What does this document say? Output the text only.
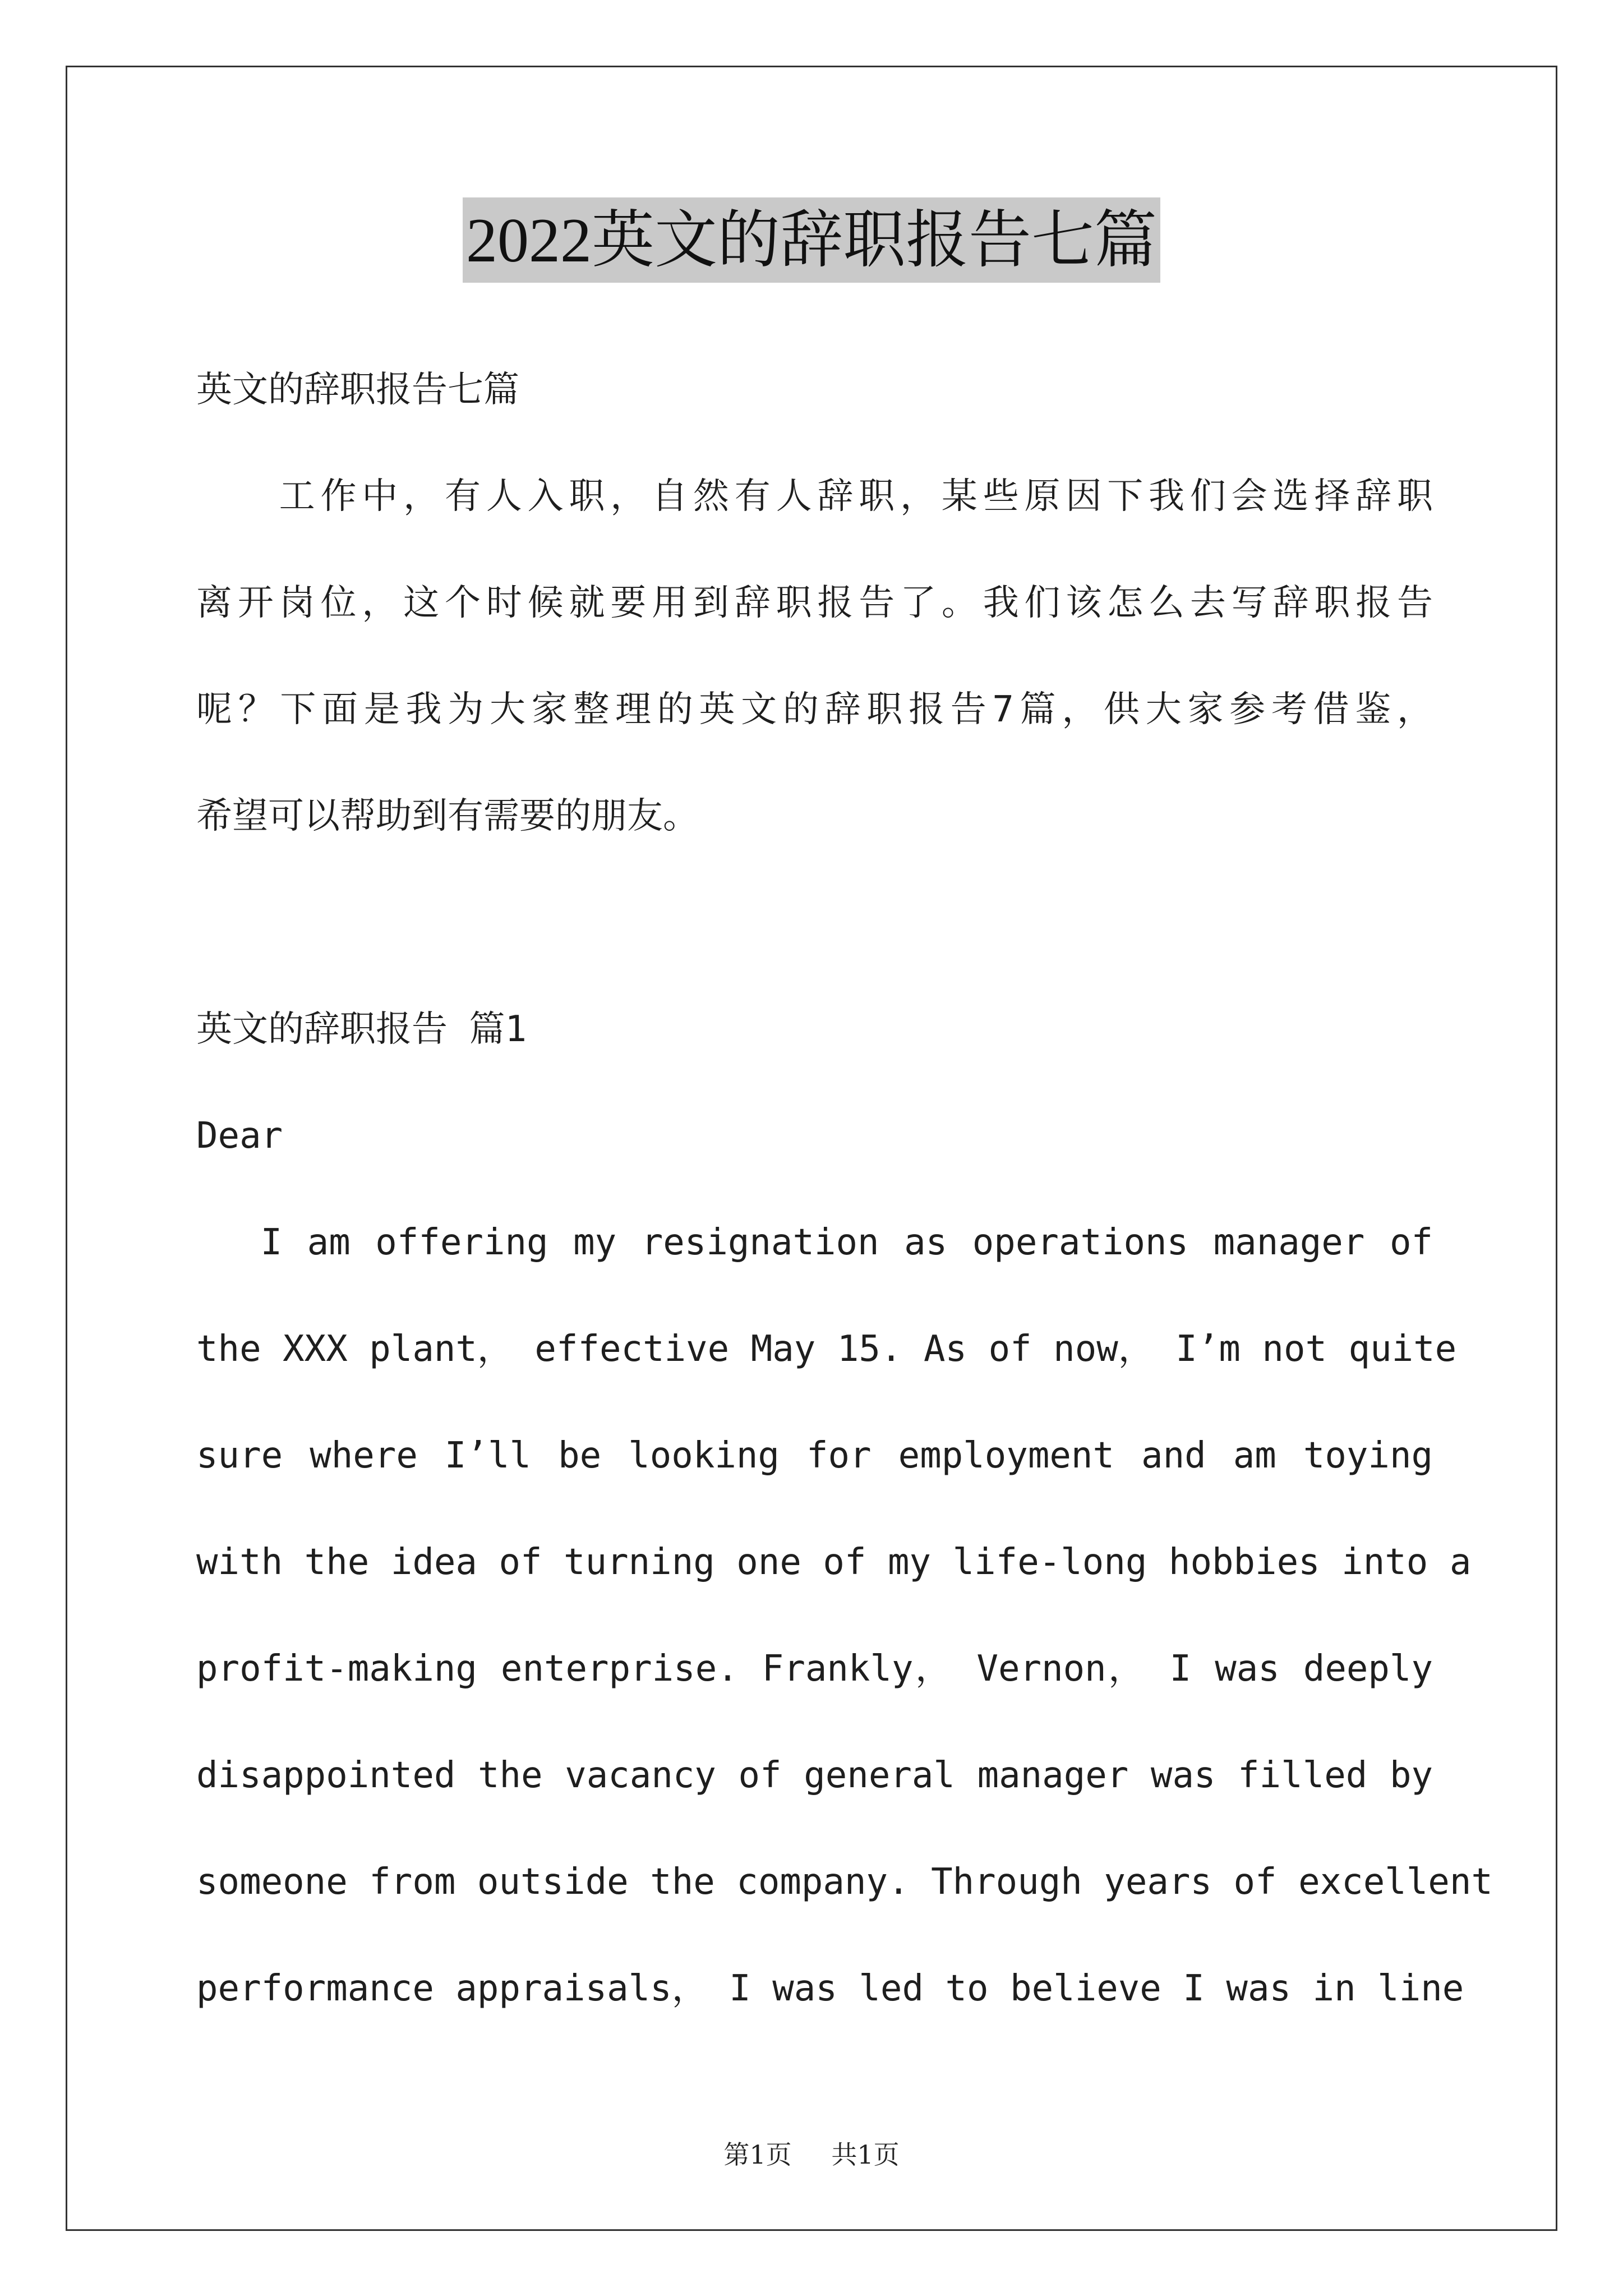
2022英文的辞职报告七篇
英文的辞职报告七篇
　　工作中，有人入职，自然有人辞职，某些原因下我们会选择辞职
离开岗位，这个时候就要用到辞职报告了。我们该怎么去写辞职报告
呢？下面是我为大家整理的英文的辞职报告7篇，供大家参考借鉴，
希望可以帮助到有需要的朋友。
英文的辞职报告 篇1
Dear
　 I am offering my resignation as operations manager of
the XXX plant， effective May 15. As of now， I’m not quite
sure where I’ll be looking for employment and am toying
with the idea of turning one of my life-long hobbies into a
profit-making enterprise. Frankly， Vernon， I was deeply
disappointed the vacancy of general manager was filled by
someone from outside the company. Through years of excellent
performance appraisals， I was led to believe I was in line
第1页 共1页
